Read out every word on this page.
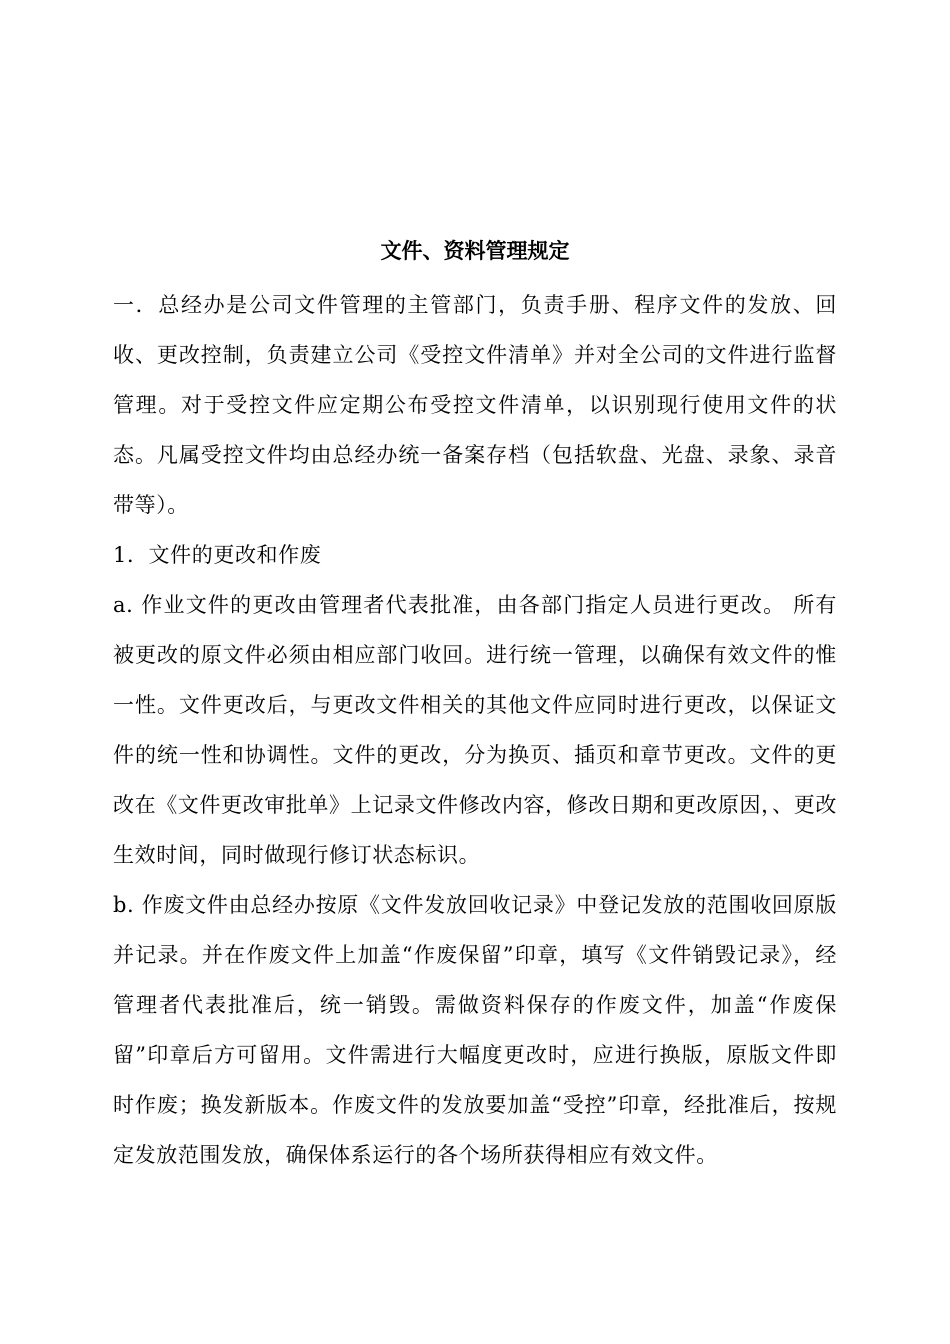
文件、资料管理规定

一．总经办是公司文件管理的主管部门，负责手册、程序文件的发放、回收、更改控制，负责建立公司《受控文件清单》并对全公司的文件进行监督管理。对于受控文件应定期公布受控文件清单，以识别现行使用文件的状态。凡属受控文件均由总经办统一备案存档（包括软盘、光盘、录象、录音带等）。

1．文件的更改和作废

a. 作业文件的更改由管理者代表批准，由各部门指定人员进行更改。 所有被更改的原文件必须由相应部门收回。进行统一管理，以确保有效文件的惟一性。文件更改后，与更改文件相关的其他文件应同时进行更改，以保证文件的统一性和协调性。文件的更改，分为换页、插页和章节更改。文件的更改在《文件更改审批单》上记录文件修改内容，修改日期和更改原因，、更改生效时间，同时做现行修订状态标识。

b. 作废文件由总经办按原《文件发放回收记录》中登记发放的范围收回原版并记录。并在作废文件上加盖“作废保留”印章，填写《文件销毁记录》，经管理者代表批准后，统一销毁。需做资料保存的作废文件，加盖“作废保留”印章后方可留用。文件需进行大幅度更改时，应进行换版，原版文件即时作废；换发新版本。作废文件的发放要加盖“受控”印章，经批准后，按规定发放范围发放，确保体系运行的各个场所获得相应有效文件。
